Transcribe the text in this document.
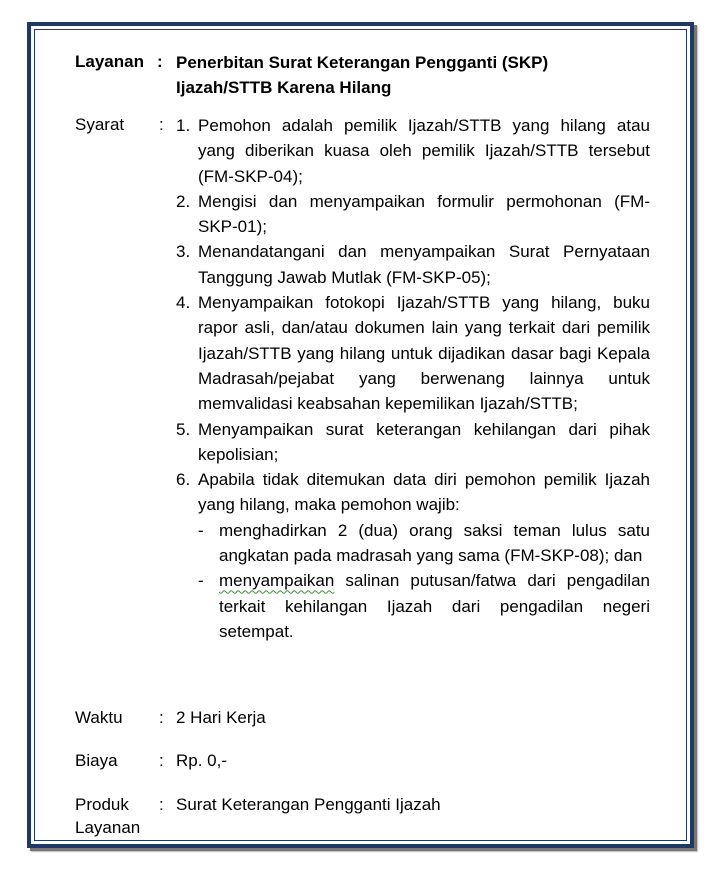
Layanan : Penerbitan Surat Keterangan Pengganti (SKP)
Ijazah/STTB Karena Hilang
Syarat : 1. Pemohon adalah pemilik Ijazah/STTB yang hilang atau yang diberikan kuasa oleh pemilik Ijazah/STTB tersebut (FM-SKP-04);
2. Mengisi dan menyampaikan formulir permohonan (FM-SKP-01);
3. Menandatangani dan menyampaikan Surat Pernyataan Tanggung Jawab Mutlak (FM-SKP-05);
4. Menyampaikan fotokopi Ijazah/STTB yang hilang, buku rapor asli, dan/atau dokumen lain yang terkait dari pemilik Ijazah/STTB yang hilang untuk dijadikan dasar bagi Kepala Madrasah/pejabat yang berwenang lainnya untuk memvalidasi keabsahan kepemilikan Ijazah/STTB;
5. Menyampaikan surat keterangan kehilangan dari pihak kepolisian;
6. Apabila tidak ditemukan data diri pemohon pemilik Ijazah yang hilang, maka pemohon wajib:
- menghadirkan 2 (dua) orang saksi teman lulus satu angkatan pada madrasah yang sama (FM-SKP-08); dan
- menyampaikan salinan putusan/fatwa dari pengadilan terkait kehilangan Ijazah dari pengadilan negeri setempat.
Waktu : 2 Hari Kerja
Biaya : Rp. 0,-
Produk
Layanan
: Surat Keterangan Pengganti Ijazah
